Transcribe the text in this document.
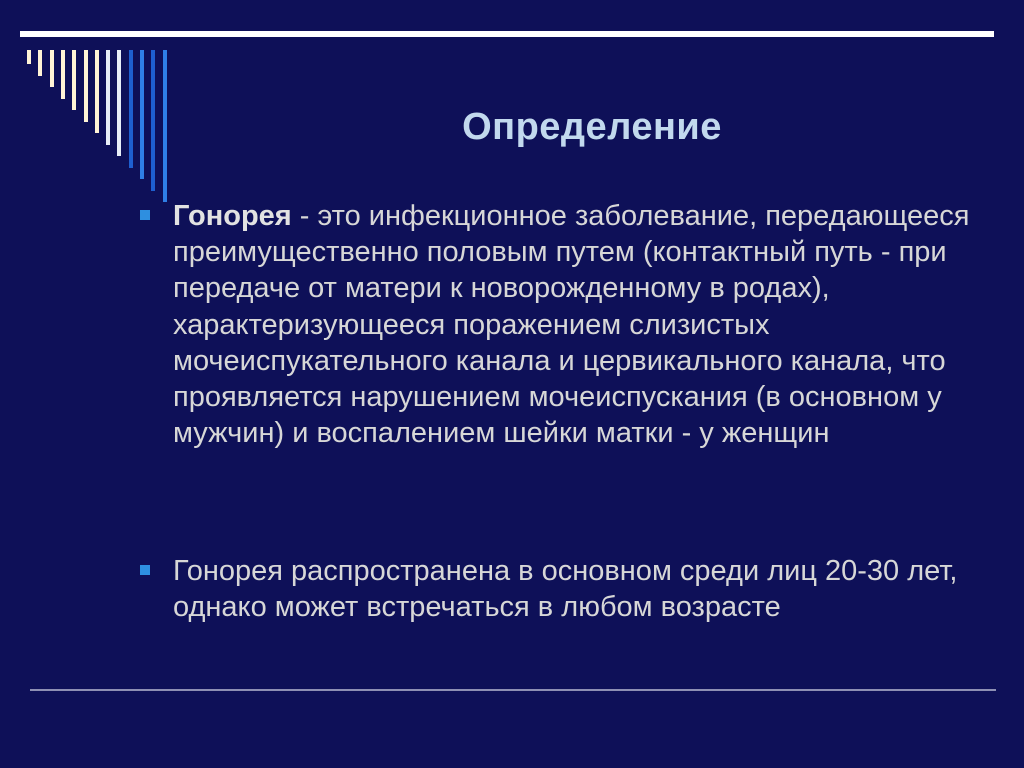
Определение
Гонорея - это инфекционное заболевание, передающееся преимущественно половым путем (контактный путь - при передаче от матери к новорожденному в родах), характеризующееся поражением слизистых мочеиспукательного канала и цервикального канала, что проявляется нарушением мочеиспускания (в основном у мужчин) и воспалением шейки матки - у женщин
Гонорея распространена в основном среди лиц 20-30 лет, однако может встречаться в любом возрасте
